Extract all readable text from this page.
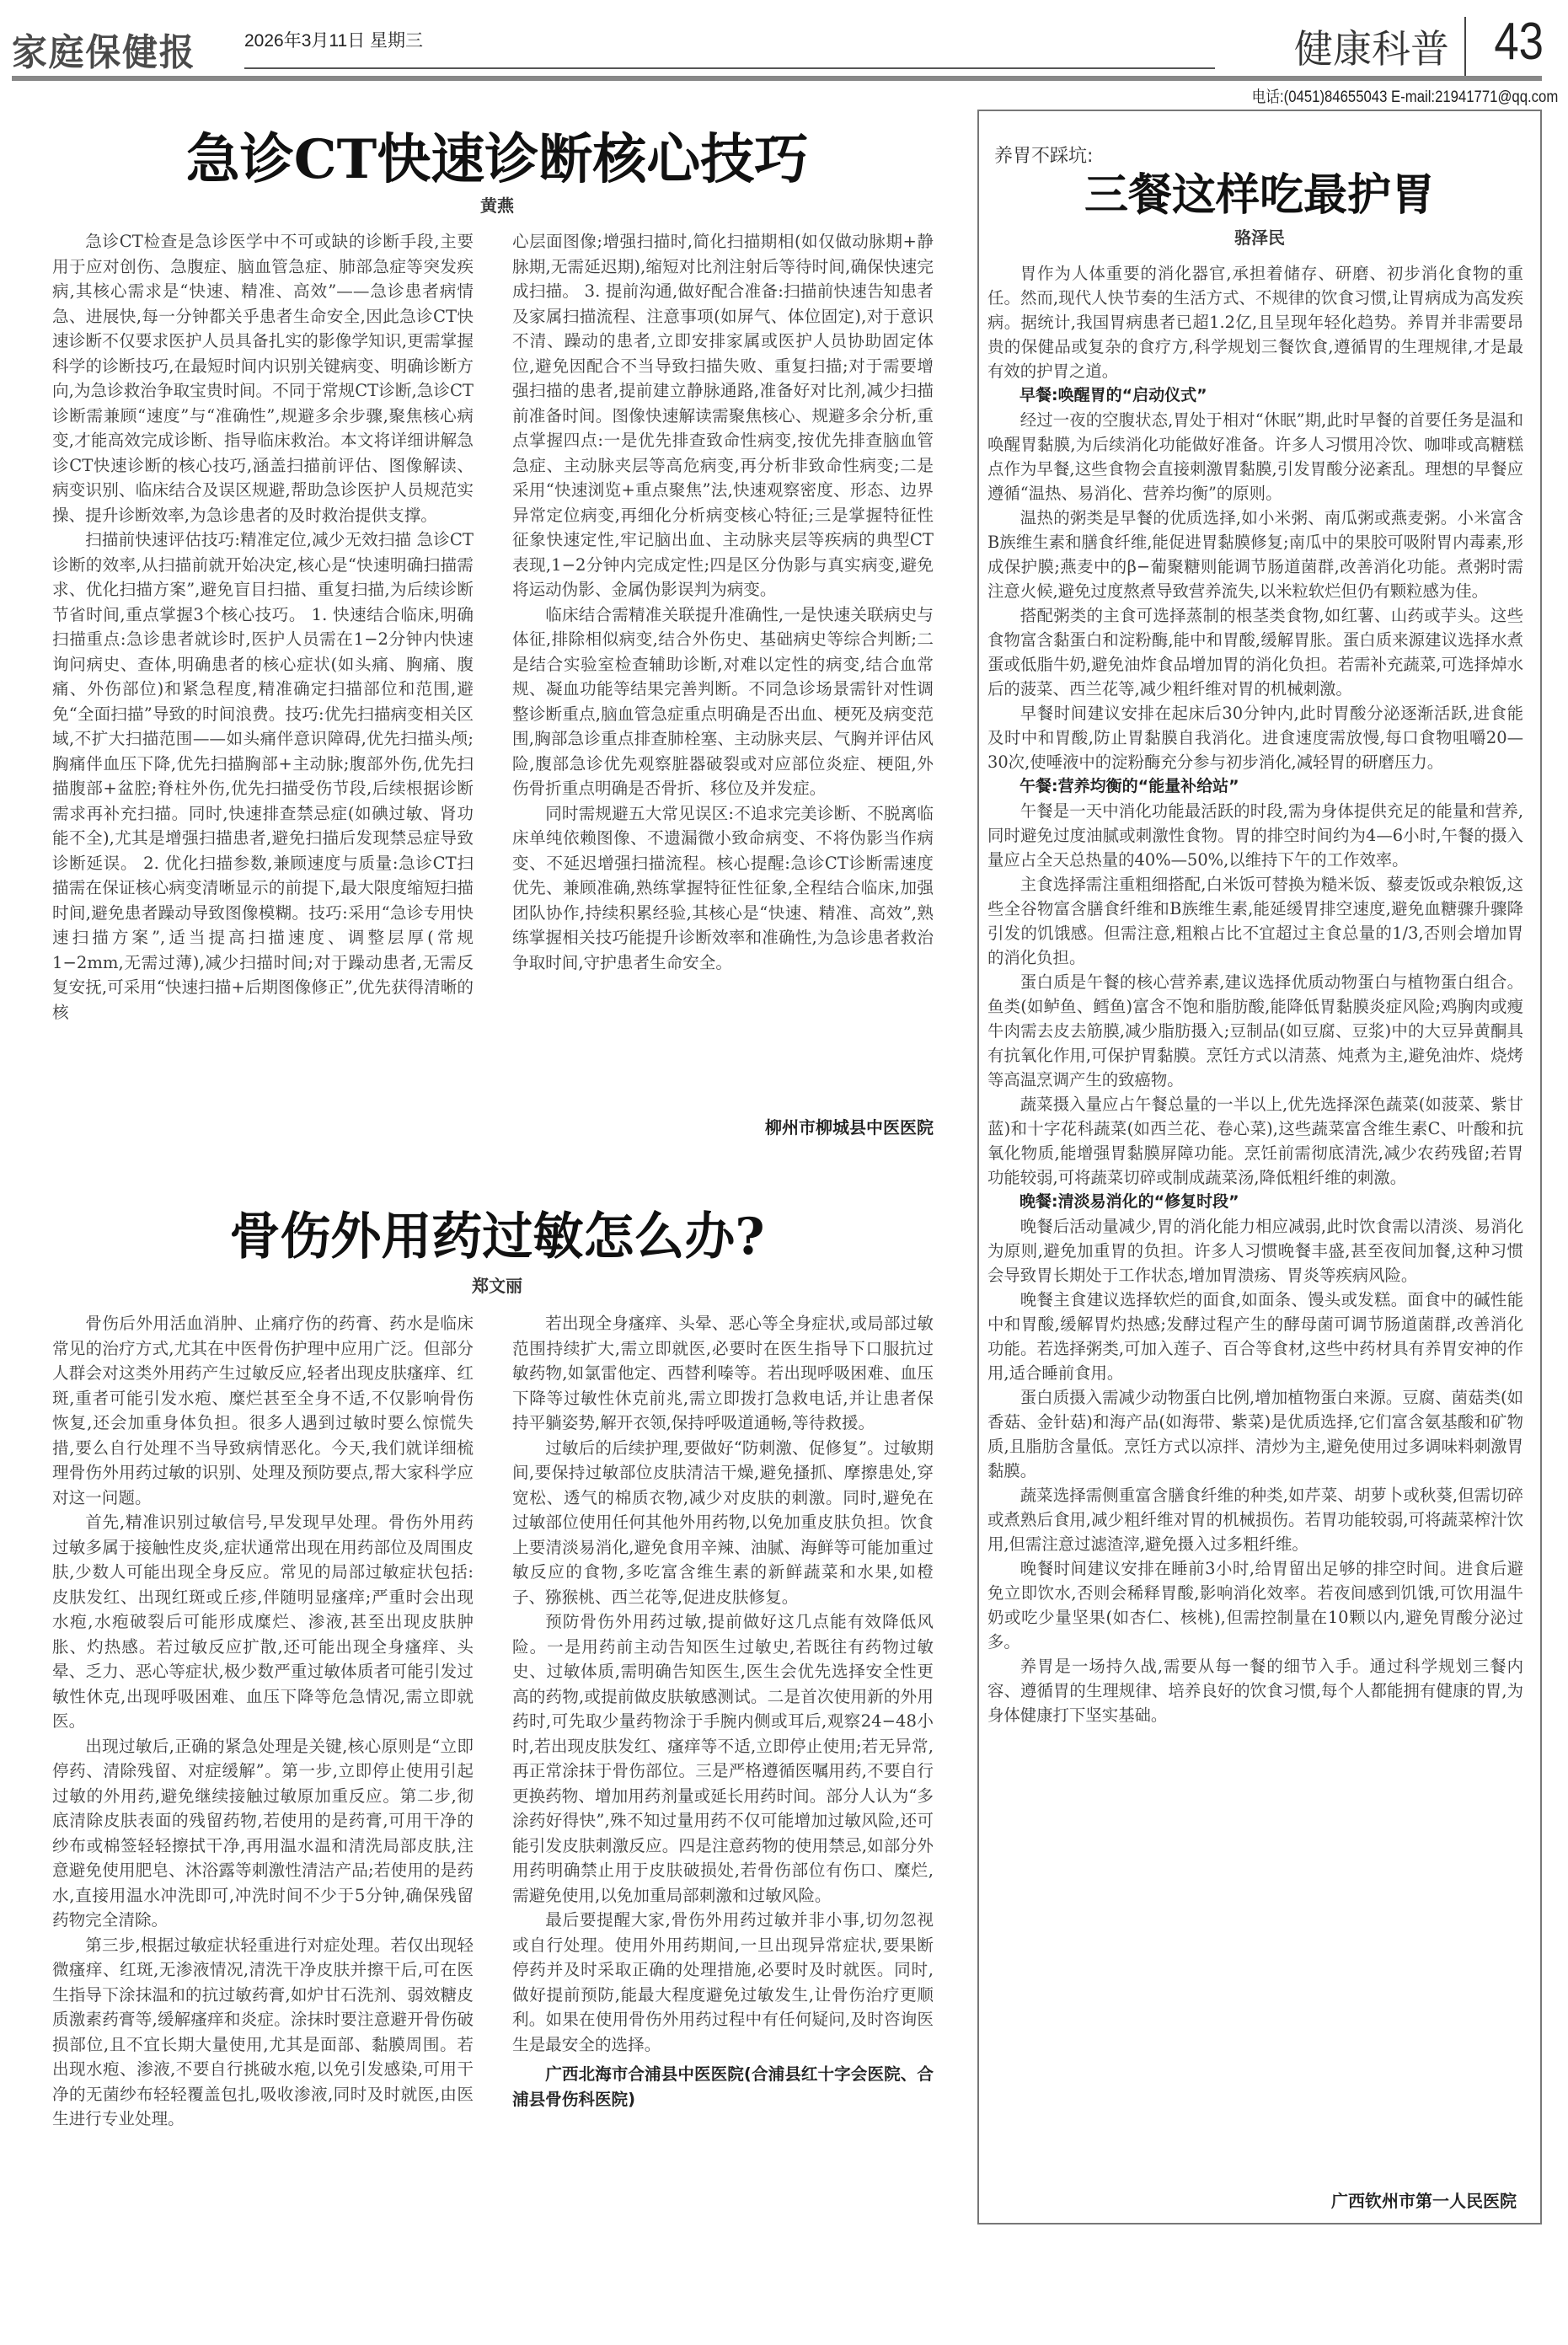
家庭保健报	2026年3月11日 星期三	健康科普 43
电话:(0451)84655043 E-mail:21941771@qq.com
急诊CT快速诊断核心技巧
黄燕

急诊CT检查是急诊医学中不可或缺的诊断手段,主要用于应对创伤、急腹症、脑血管急症、肺部急症等突发疾病,其核心需求是“快速、精准、高效”——急诊患者病情急、进展快,每一分钟都关乎患者生命安全,因此急诊CT快速诊断不仅要求医护人员具备扎实的影像学知识,更需掌握科学的诊断技巧,在最短时间内识别关键病变、明确诊断方向,为急诊救治争取宝贵时间。不同于常规CT诊断,急诊CT诊断需兼顾“速度”与“准确性”,规避多余步骤,聚焦核心病变,才能高效完成诊断、指导临床救治。本文将详细讲解急诊CT快速诊断的核心技巧,涵盖扫描前评估、图像解读、病变识别、临床结合及误区规避,帮助急诊医护人员规范实操、提升诊断效率,为急诊患者的及时救治提供支撑。

扫描前快速评估技巧:精准定位,减少无效扫描 急诊CT诊断的效率,从扫描前就开始决定,核心是“快速明确扫描需求、优化扫描方案”,避免盲目扫描、重复扫描,为后续诊断节省时间,重点掌握3个核心技巧。 1. 快速结合临床,明确扫描重点:急诊患者就诊时,医护人员需在1−2分钟内快速询问病史、查体,明确患者的核心症状(如头痛、胸痛、腹痛、外伤部位)和紧急程度,精准确定扫描部位和范围,避免“全面扫描”导致的时间浪费。技巧:优先扫描病变相关区域,不扩大扫描范围——如头痛伴意识障碍,优先扫描头颅;胸痛伴血压下降,优先扫描胸部+主动脉;腹部外伤,优先扫描腹部+盆腔;脊柱外伤,优先扫描受伤节段,后续根据诊断需求再补充扫描。同时,快速排查禁忌症(如碘过敏、肾功能不全),尤其是增强扫描患者,避免扫描后发现禁忌症导致诊断延误。 2. 优化扫描参数,兼顾速度与质量:急诊CT扫描需在保证核心病变清晰显示的前提下,最大限度缩短扫描时间,避免患者躁动导致图像模糊。技巧:采用“急诊专用快速扫描方案”,适当提高扫描速度、调整层厚(常规1−2mm,无需过薄),减少扫描时间;对于躁动患者,无需反复安抚,可采用“快速扫描+后期图像修正”,优先获得清晰的核

心层面图像;增强扫描时,简化扫描期相(如仅做动脉期+静脉期,无需延迟期),缩短对比剂注射后等待时间,确保快速完成扫描。 3. 提前沟通,做好配合准备:扫描前快速告知患者及家属扫描流程、注意事项(如屏气、体位固定),对于意识不清、躁动的患者,立即安排家属或医护人员协助固定体位,避免因配合不当导致扫描失败、重复扫描;对于需要增强扫描的患者,提前建立静脉通路,准备好对比剂,减少扫描前准备时间。图像快速解读需聚焦核心、规避多余分析,重点掌握四点:一是优先排查致命性病变,按优先排查脑血管急症、主动脉夹层等高危病变,再分析非致命性病变;二是采用“快速浏览+重点聚焦”法,快速观察密度、形态、边界异常定位病变,再细化分析病变核心特征;三是掌握特征性征象快速定性,牢记脑出血、主动脉夹层等疾病的典型CT表现,1−2分钟内完成定性;四是区分伪影与真实病变,避免将运动伪影、金属伪影误判为病变。

临床结合需精准关联提升准确性,一是快速关联病史与体征,排除相似病变,结合外伤史、基础病史等综合判断;二是结合实验室检查辅助诊断,对难以定性的病变,结合血常规、凝血功能等结果完善判断。不同急诊场景需针对性调整诊断重点,脑血管急症重点明确是否出血、梗死及病变范围,胸部急诊重点排查肺栓塞、主动脉夹层、气胸并评估风险,腹部急诊优先观察脏器破裂或对应部位炎症、梗阻,外伤骨折重点明确是否骨折、移位及并发症。

同时需规避五大常见误区:不追求完美诊断、不脱离临床单纯依赖图像、不遗漏微小致命病变、不将伪影当作病变、不延迟增强扫描流程。核心提醒:急诊CT诊断需速度优先、兼顾准确,熟练掌握特征性征象,全程结合临床,加强团队协作,持续积累经验,其核心是“快速、精准、高效”,熟练掌握相关技巧能提升诊断效率和准确性,为急诊患者救治争取时间,守护患者生命安全。

柳州市柳城县中医医院
骨伤外用药过敏怎么办?
郑文丽

骨伤后外用活血消肿、止痛疗伤的药膏、药水是临床常见的治疗方式,尤其在中医骨伤护理中应用广泛。但部分人群会对这类外用药产生过敏反应,轻者出现皮肤瘙痒、红斑,重者可能引发水疱、糜烂甚至全身不适,不仅影响骨伤恢复,还会加重身体负担。很多人遇到过敏时要么惊慌失措,要么自行处理不当导致病情恶化。今天,我们就详细梳理骨伤外用药过敏的识别、处理及预防要点,帮大家科学应对这一问题。

首先,精准识别过敏信号,早发现早处理。骨伤外用药过敏多属于接触性皮炎,症状通常出现在用药部位及周围皮肤,少数人可能出现全身反应。常见的局部过敏症状包括:皮肤发红、出现红斑或丘疹,伴随明显瘙痒;严重时会出现水疱,水疱破裂后可能形成糜烂、渗液,甚至出现皮肤肿胀、灼热感。若过敏反应扩散,还可能出现全身瘙痒、头晕、乏力、恶心等症状,极少数严重过敏体质者可能引发过敏性休克,出现呼吸困难、血压下降等危急情况,需立即就医。

出现过敏后,正确的紧急处理是关键,核心原则是“立即停药、清除残留、对症缓解”。第一步,立即停止使用引起过敏的外用药,避免继续接触过敏原加重反应。第二步,彻底清除皮肤表面的残留药物,若使用的是药膏,可用干净的纱布或棉签轻轻擦拭干净,再用温水温和清洗局部皮肤,注意避免使用肥皂、沐浴露等刺激性清洁产品;若使用的是药水,直接用温水冲洗即可,冲洗时间不少于5分钟,确保残留药物完全清除。

第三步,根据过敏症状轻重进行对症处理。若仅出现轻微瘙痒、红斑,无渗液情况,清洗干净皮肤并擦干后,可在医生指导下涂抹温和的抗过敏药膏,如炉甘石洗剂、弱效糖皮质激素药膏等,缓解瘙痒和炎症。涂抹时要注意避开骨伤破损部位,且不宜长期大量使用,尤其是面部、黏膜周围。若出现水疱、渗液,不要自行挑破水疱,以免引发感染,可用干净的无菌纱布轻轻覆盖包扎,吸收渗液,同时及时就医,由医生进行专业处理。

若出现全身瘙痒、头晕、恶心等全身症状,或局部过敏范围持续扩大,需立即就医,必要时在医生指导下口服抗过敏药物,如氯雷他定、西替利嗪等。若出现呼吸困难、血压下降等过敏性休克前兆,需立即拨打急救电话,并让患者保持平躺姿势,解开衣领,保持呼吸道通畅,等待救援。

过敏后的后续护理,要做好“防刺激、促修复”。过敏期间,要保持过敏部位皮肤清洁干燥,避免搔抓、摩擦患处,穿宽松、透气的棉质衣物,减少对皮肤的刺激。同时,避免在过敏部位使用任何其他外用药物,以免加重皮肤负担。饮食上要清淡易消化,避免食用辛辣、油腻、海鲜等可能加重过敏反应的食物,多吃富含维生素的新鲜蔬菜和水果,如橙子、猕猴桃、西兰花等,促进皮肤修复。

预防骨伤外用药过敏,提前做好这几点能有效降低风险。一是用药前主动告知医生过敏史,若既往有药物过敏史、过敏体质,需明确告知医生,医生会优先选择安全性更高的药物,或提前做皮肤敏感测试。二是首次使用新的外用药时,可先取少量药物涂于手腕内侧或耳后,观察24−48小时,若出现皮肤发红、瘙痒等不适,立即停止使用;若无异常,再正常涂抹于骨伤部位。三是严格遵循医嘱用药,不要自行更换药物、增加用药剂量或延长用药时间。部分人认为“多涂药好得快”,殊不知过量用药不仅可能增加过敏风险,还可能引发皮肤刺激反应。四是注意药物的使用禁忌,如部分外用药明确禁止用于皮肤破损处,若骨伤部位有伤口、糜烂,需避免使用,以免加重局部刺激和过敏风险。

最后要提醒大家,骨伤外用药过敏并非小事,切勿忽视或自行处理。使用外用药期间,一旦出现异常症状,要果断停药并及时采取正确的处理措施,必要时及时就医。同时,做好提前预防,能最大程度避免过敏发生,让骨伤治疗更顺利。如果在使用骨伤外用药过程中有任何疑问,及时咨询医生是最安全的选择。

广西北海市合浦县中医医院(合浦县红十字会医院、合浦县骨伤科医院)

养胃不踩坑:
三餐这样吃最护胃
骆泽民

胃作为人体重要的消化器官,承担着储存、研磨、初步消化食物的重任。然而,现代人快节奏的生活方式、不规律的饮食习惯,让胃病成为高发疾病。据统计,我国胃病患者已超1.2亿,且呈现年轻化趋势。养胃并非需要昂贵的保健品或复杂的食疗方,科学规划三餐饮食,遵循胃的生理规律,才是最有效的护胃之道。

早餐:唤醒胃的“启动仪式”

经过一夜的空腹状态,胃处于相对“休眠”期,此时早餐的首要任务是温和唤醒胃黏膜,为后续消化功能做好准备。许多人习惯用冷饮、咖啡或高糖糕点作为早餐,这些食物会直接刺激胃黏膜,引发胃酸分泌紊乱。理想的早餐应遵循“温热、易消化、营养均衡”的原则。

温热的粥类是早餐的优质选择,如小米粥、南瓜粥或燕麦粥。小米富含B族维生素和膳食纤维,能促进胃黏膜修复;南瓜中的果胶可吸附胃内毒素,形成保护膜;燕麦中的β−葡聚糖则能调节肠道菌群,改善消化功能。煮粥时需注意火候,避免过度熬煮导致营养流失,以米粒软烂但仍有颗粒感为佳。

搭配粥类的主食可选择蒸制的根茎类食物,如红薯、山药或芋头。这些食物富含黏蛋白和淀粉酶,能中和胃酸,缓解胃胀。蛋白质来源建议选择水煮蛋或低脂牛奶,避免油炸食品增加胃的消化负担。若需补充蔬菜,可选择焯水后的菠菜、西兰花等,减少粗纤维对胃的机械刺激。

早餐时间建议安排在起床后30分钟内,此时胃酸分泌逐渐活跃,进食能及时中和胃酸,防止胃黏膜自我消化。进食速度需放慢,每口食物咀嚼20—30次,使唾液中的淀粉酶充分参与初步消化,减轻胃的研磨压力。

午餐:营养均衡的“能量补给站”

午餐是一天中消化功能最活跃的时段,需为身体提供充足的能量和营养,同时避免过度油腻或刺激性食物。胃的排空时间约为4—6小时,午餐的摄入量应占全天总热量的40%—50%,以维持下午的工作效率。

主食选择需注重粗细搭配,白米饭可替换为糙米饭、藜麦饭或杂粮饭,这些全谷物富含膳食纤维和B族维生素,能延缓胃排空速度,避免血糖骤升骤降引发的饥饿感。但需注意,粗粮占比不宜超过主食总量的1/3,否则会增加胃的消化负担。

蛋白质是午餐的核心营养素,建议选择优质动物蛋白与植物蛋白组合。鱼类(如鲈鱼、鳕鱼)富含不饱和脂肪酸,能降低胃黏膜炎症风险;鸡胸肉或瘦牛肉需去皮去筋膜,减少脂肪摄入;豆制品(如豆腐、豆浆)中的大豆异黄酮具有抗氧化作用,可保护胃黏膜。烹饪方式以清蒸、炖煮为主,避免油炸、烧烤等高温烹调产生的致癌物。

蔬菜摄入量应占午餐总量的一半以上,优先选择深色蔬菜(如菠菜、紫甘蓝)和十字花科蔬菜(如西兰花、卷心菜),这些蔬菜富含维生素C、叶酸和抗氧化物质,能增强胃黏膜屏障功能。烹饪前需彻底清洗,减少农药残留;若胃功能较弱,可将蔬菜切碎或制成蔬菜汤,降低粗纤维的刺激。

晚餐:清淡易消化的“修复时段”

晚餐后活动量减少,胃的消化能力相应减弱,此时饮食需以清淡、易消化为原则,避免加重胃的负担。许多人习惯晚餐丰盛,甚至夜间加餐,这种习惯会导致胃长期处于工作状态,增加胃溃疡、胃炎等疾病风险。

晚餐主食建议选择软烂的面食,如面条、馒头或发糕。面食中的碱性能中和胃酸,缓解胃灼热感;发酵过程产生的酵母菌可调节肠道菌群,改善消化功能。若选择粥类,可加入莲子、百合等食材,这些中药材具有养胃安神的作用,适合睡前食用。

蛋白质摄入需减少动物蛋白比例,增加植物蛋白来源。豆腐、菌菇类(如香菇、金针菇)和海产品(如海带、紫菜)是优质选择,它们富含氨基酸和矿物质,且脂肪含量低。烹饪方式以凉拌、清炒为主,避免使用过多调味料刺激胃黏膜。

蔬菜选择需侧重富含膳食纤维的种类,如芹菜、胡萝卜或秋葵,但需切碎或煮熟后食用,减少粗纤维对胃的机械损伤。若胃功能较弱,可将蔬菜榨汁饮用,但需注意过滤渣滓,避免摄入过多粗纤维。

晚餐时间建议安排在睡前3小时,给胃留出足够的排空时间。进食后避免立即饮水,否则会稀释胃酸,影响消化效率。若夜间感到饥饿,可饮用温牛奶或吃少量坚果(如杏仁、核桃),但需控制量在10颗以内,避免胃酸分泌过多。

养胃是一场持久战,需要从每一餐的细节入手。通过科学规划三餐内容、遵循胃的生理规律、培养良好的饮食习惯,每个人都能拥有健康的胃,为身体健康打下坚实基础。

广西钦州市第一人民医院
